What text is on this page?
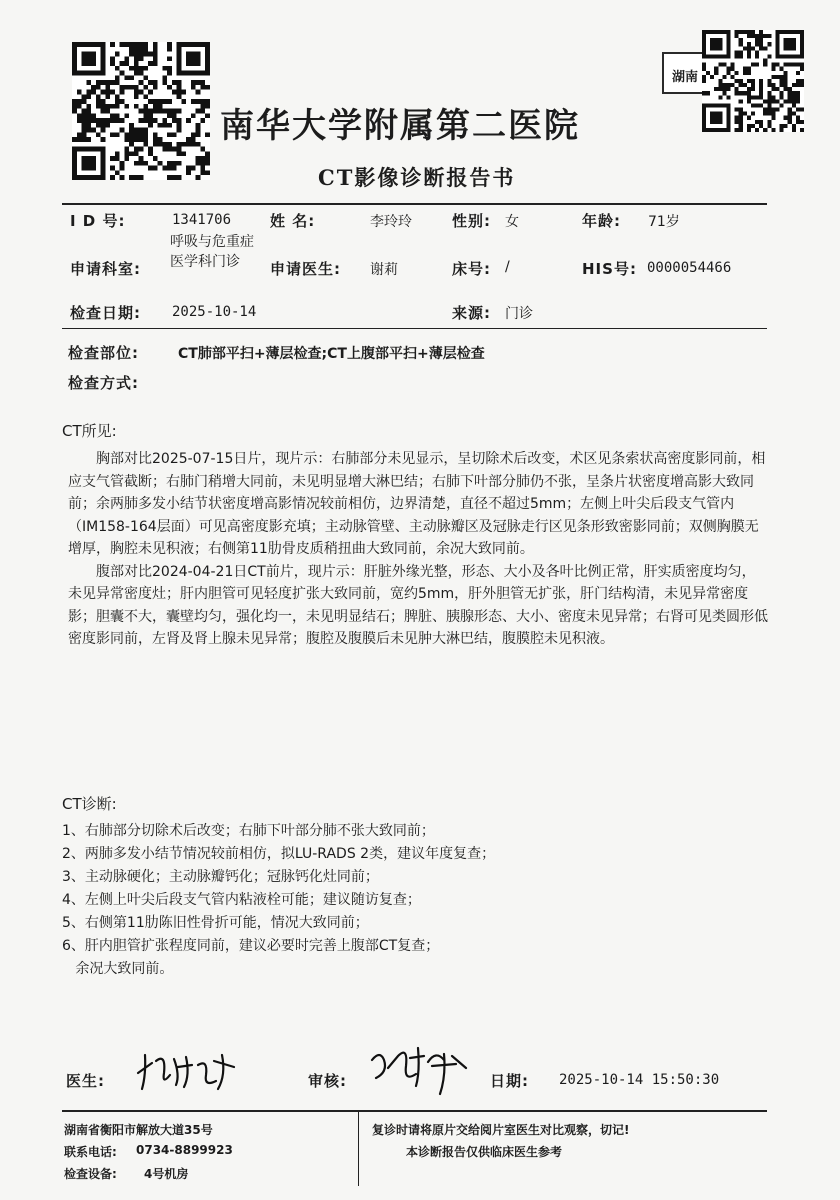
湖南
南华大学附属第二医院
CT影像诊断报告书
I D 号:	1341706	姓 名:	李玲玲	性别: 女	年龄: 71岁
申请科室:
呼吸与危重症医学科门诊	申请医生: 谢莉	床号: /	HIS号: 0000054466
检查日期: 2025-10-14	来源: 门诊
检查部位:	CT肺部平扫+薄层检查;CT上腹部平扫+薄层检查
检查方式:
CT所见:

胸部对比2025-07-15日片，现片示：右肺部分未见显示，呈切除术后改变，术区见条索状高密度影同前，相应支气管截断；右肺门稍增大同前，未见明显增大淋巴结；右肺下叶部分肺仍不张，呈条片状密度增高影大致同前；余两肺多发小结节状密度增高影情况较前相仿，边界清楚，直径不超过5mm；左侧上叶尖后段支气管内（IM158-164层面）可见高密度影充填；主动脉管壁、主动脉瓣区及冠脉走行区见条形致密影同前；双侧胸膜无增厚，胸腔未见积液；右侧第11肋骨皮质稍扭曲大致同前，余况大致同前。

腹部对比2024-04-21日CT前片，现片示：肝脏外缘光整，形态、大小及各叶比例正常，肝实质密度均匀，未见异常密度灶；肝内胆管可见轻度扩张大致同前，宽约5mm，肝外胆管无扩张，肝门结构清，未见异常密度影；胆囊不大，囊壁均匀，强化均一，未见明显结石；脾脏、胰腺形态、大小、密度未见异常；右肾可见类圆形低密度影同前，左肾及肾上腺未见异常；腹腔及腹膜后未见肿大淋巴结，腹膜腔未见积液。

CT诊断:
1、右肺部分切除术后改变；右肺下叶部分肺不张大致同前；
2、两肺多发小结节情况较前相仿，拟LU-RADS 2类，建议年度复查；
3、主动脉硬化；主动脉瓣钙化；冠脉钙化灶同前；
4、左侧上叶尖后段支气管内粘液栓可能；建议随访复查；
5、右侧第11肋陈旧性骨折可能，情况大致同前；
6、肝内胆管扩张程度同前，建议必要时完善上腹部CT复查；
余况大致同前。
医生:	审核:	日期: 2025-10-14 15:50:30
湖南省衡阳市解放大道35号
联系电话: 0734-8899923
检查设备: 4号机房
复诊时请将原片交给阅片室医生对比观察，切记!
本诊断报告仅供临床医生参考
